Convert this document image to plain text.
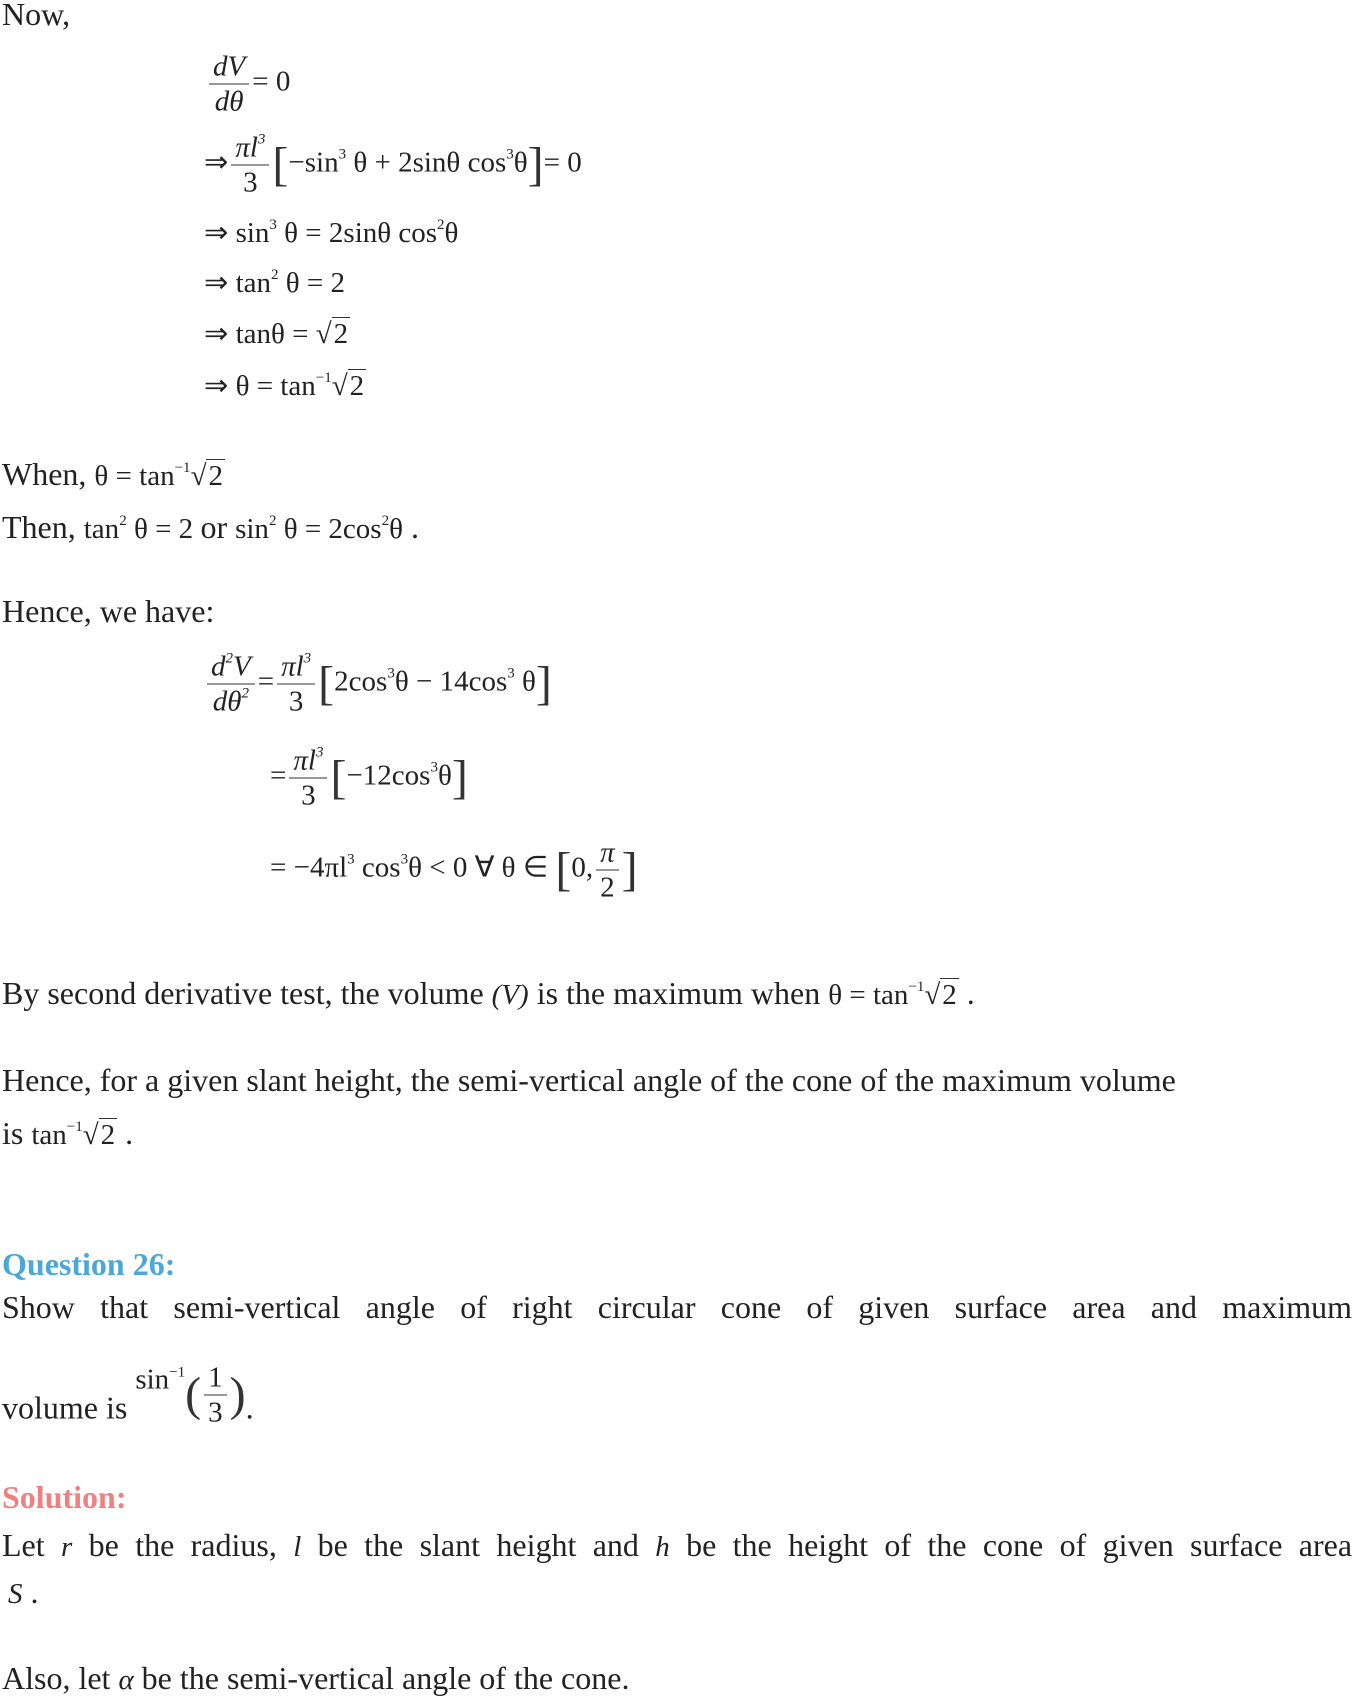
Now,
$\frac{dV}{d\theta} = 0$
⇒ $\frac{\pi l^3}{3} [-\sin^3$ θ + 2sinθ $\cos^3\theta]= 0$
⇒ $\sin^3 \theta = 2\sin\theta$ $\cos^2\theta$
⇒ $\tan^2 \theta = 2$
⇒ tanθ = √2
⇒ $\theta = \tan^{-1}√2$
When, $\theta = \tan^{-1}√2$
Then, $\tan^2 \theta = 2$ or $\sin^2 \theta = 2\cos^2\theta$ .
Hence, we have:
$\frac{d^2V}{d\theta^2} = \frac{\pi l^3}{3} [2\cos^3\theta - 14\cos^3$ θ]
= $\frac{\pi l^3}{3} [-12\cos^3\theta]$
= $-4\pi l^3$ $\cos^3\theta < 0$ ∀ θ ∈ [0, $\frac{\pi}{2}$ ]
By second derivative test, the volume (V) is the maximum when $\theta = \tan^{-1}√2$ .
Hence, for a given slant height, the semi-vertical angle of the cone of the maximum volume
is $\tan^{-1}√2$ .
Question 26:
Show that semi-vertical angle of right circular cone of given surface area and maximum
volume is $\sin^{-1}( \frac{1}{3}$ ).
Solution:
Let r be the radius, l be the slant height and h be the height of the cone of given surface area
S .
Also, let α be the semi-vertical angle of the cone.
